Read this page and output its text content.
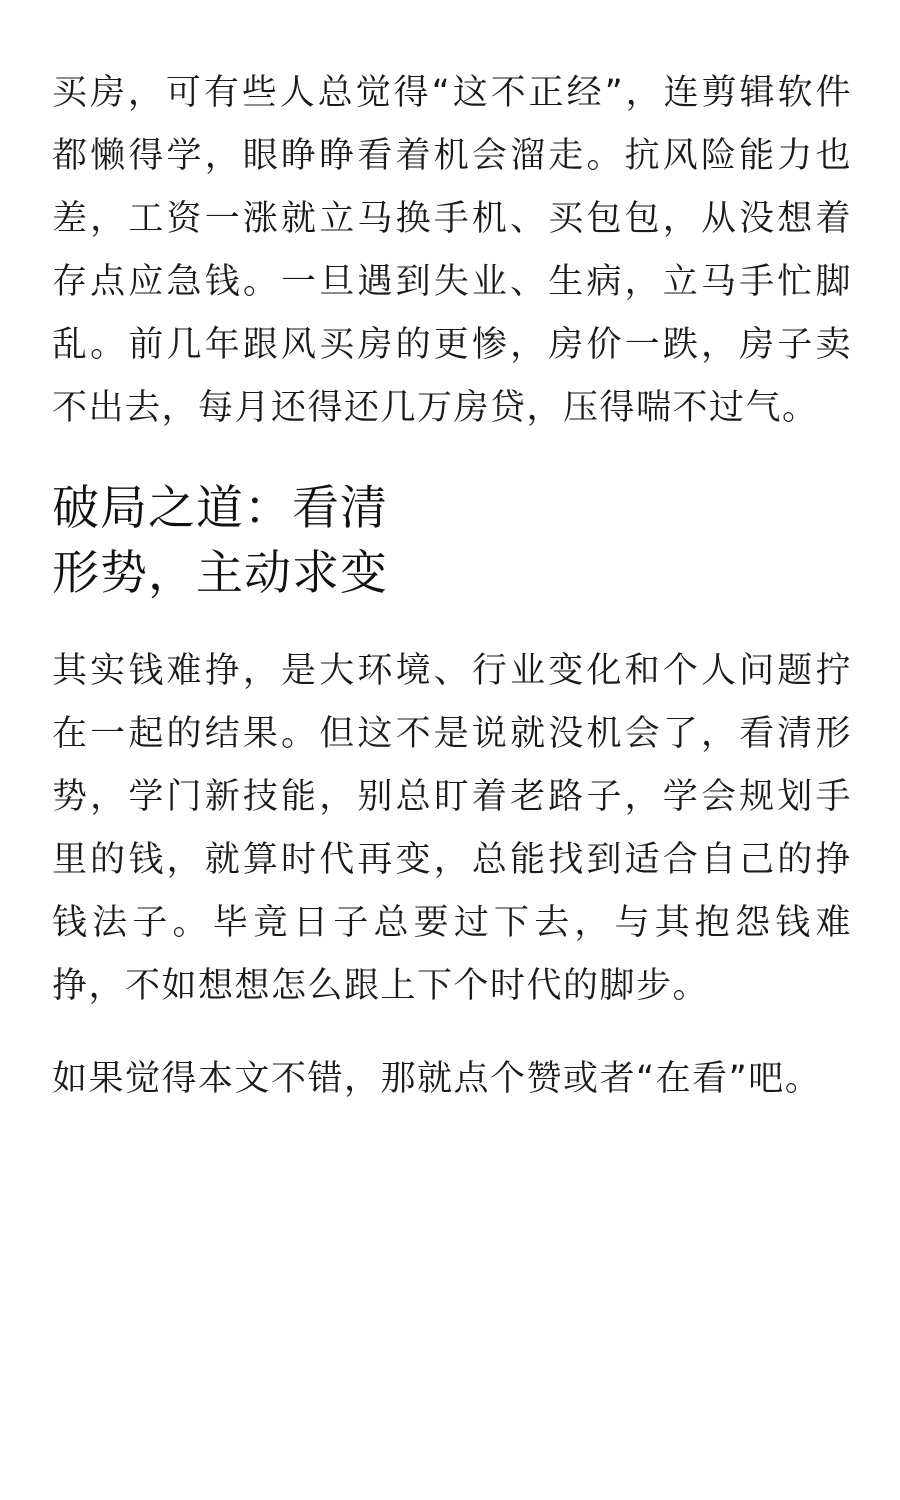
买房，可有些人总觉得“这不正经”，连剪辑软件都懒得学，眼睁睁看着机会溜走。抗风险能力也差，工资一涨就立马换手机、买包包，从没想着存点应急钱。一旦遇到失业、生病，立马手忙脚乱。前几年跟风买房的更惨，房价一跌，房子卖不出去，每月还得还几万房贷，压得喘不过气。

破局之道：看清形势，主动求变

其实钱难挣，是大环境、行业变化和个人问题拧在一起的结果。但这不是说就没机会了，看清形势，学门新技能，别总盯着老路子，学会规划手里的钱，就算时代再变，总能找到适合自己的挣钱法子。毕竟日子总要过下去，与其抱怨钱难挣，不如想想怎么跟上下个时代的脚步。

如果觉得本文不错，那就点个赞或者“在看”吧。
